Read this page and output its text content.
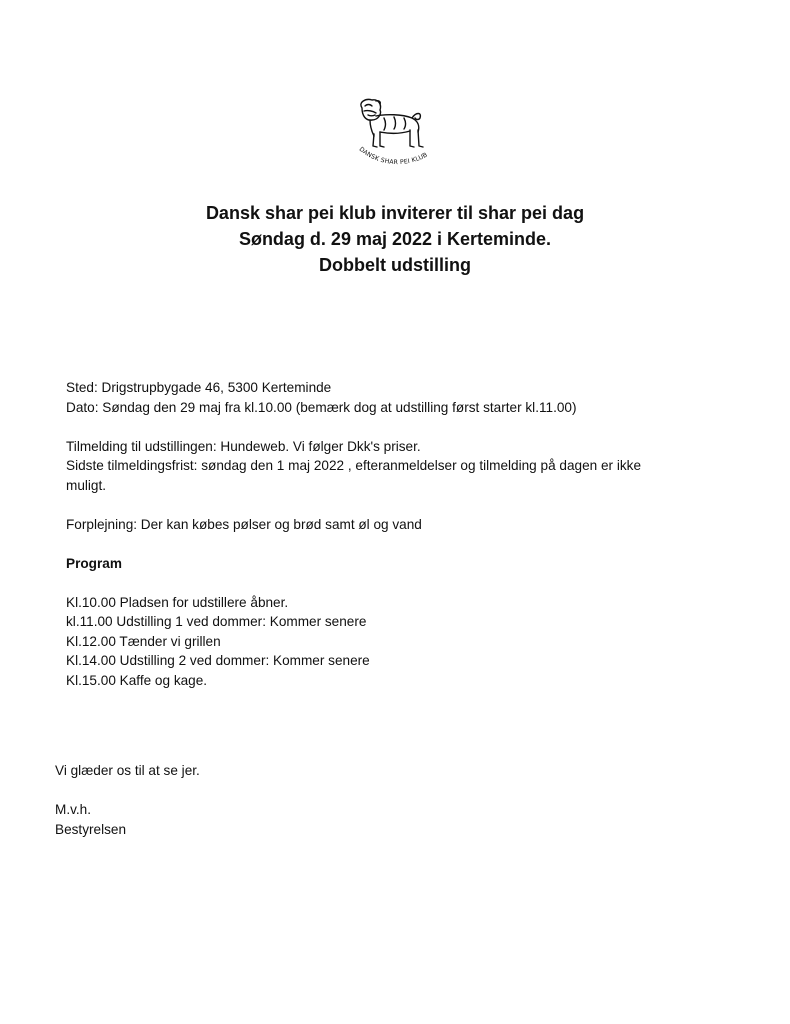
DANSK SHAR PEI KLUB
Dansk shar pei klub inviterer til shar pei dag
Søndag d. 29 maj 2022 i Kerteminde.
Dobbelt udstilling

Sted: Drigstrupbygade 46, 5300 Kerteminde

Dato: Søndag den 29 maj fra kl.10.00 (bemærk dog at udstilling først starter kl.11.00)

Tilmelding til udstillingen: Hundeweb. Vi følger Dkk's priser.

Sidste tilmeldingsfrist: søndag den 1 maj 2022 , efteranmeldelser og tilmelding på dagen er ikke

muligt.

Forplejning: Der kan købes pølser og brød samt øl og vand

Program

Kl.10.00 Pladsen for udstillere åbner.

kl.11.00 Udstilling 1 ved dommer: Kommer senere

Kl.12.00 Tænder vi grillen

Kl.14.00 Udstilling 2 ved dommer: Kommer senere

Kl.15.00 Kaffe og kage.

Vi glæder os til at se jer.

M.v.h.

Bestyrelsen
